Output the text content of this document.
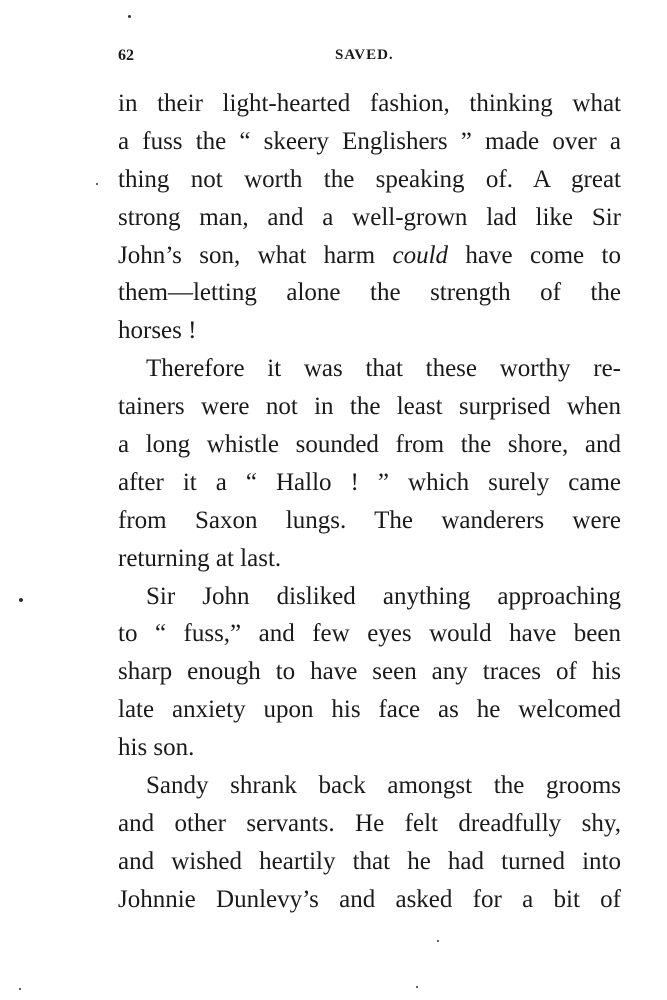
62	SAVED.
in their light-hearted fashion, thinking what
a fuss the “ skeery Englishers ” made over a
thing not worth the speaking of. A great
strong man, and a well-grown lad like Sir
John’s son, what harm could have come to
them—letting alone the strength of the
horses !
Therefore it was that these worthy re-
tainers were not in the least surprised when
a long whistle sounded from the shore, and
after it a “ Hallo ! ” which surely came
from Saxon lungs. The wanderers were
returning at last.
Sir John disliked anything approaching
to “ fuss,” and few eyes would have been
sharp enough to have seen any traces of his
late anxiety upon his face as he welcomed
his son.
Sandy shrank back amongst the grooms
and other servants. He felt dreadfully shy,
and wished heartily that he had turned into
Johnnie Dunlevy’s and asked for a bit of
